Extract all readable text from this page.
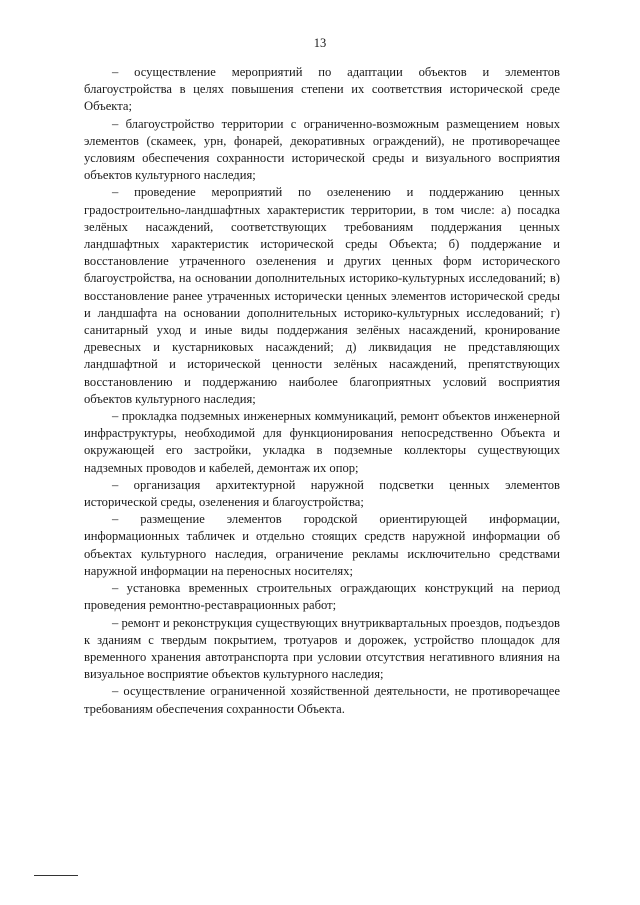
13

– осуществление мероприятий по адаптации объектов и элементов благоустройства в целях повышения степени их соответствия исторической среде Объекта;

– благоустройство территории с ограниченно-возможным размещением новых элементов (скамеек, урн, фонарей, декоративных ограждений), не противоречащее условиям обеспечения сохранности исторической среды и визуального восприятия объектов культурного наследия;

– проведение мероприятий по озеленению и поддержанию ценных градостроительно-ландшафтных характеристик территории, в том числе: а) посадка зелёных насаждений, соответствующих требованиям поддержания ценных ландшафтных характеристик исторической среды Объекта; б) поддержание и восстановление утраченного озеленения и других ценных форм исторического благоустройства, на основании дополнительных историко-культурных исследований; в) восстановление ранее утраченных исторически ценных элементов исторической среды и ландшафта на основании дополнительных историко-культурных исследований; г) санитарный уход и иные виды поддержания зелёных насаждений, кронирование древесных и кустарниковых насаждений; д) ликвидация не представляющих ландшафтной и исторической ценности зелёных насаждений, препятствующих восстановлению и поддержанию наиболее благоприятных условий восприятия объектов культурного наследия;

– прокладка подземных инженерных коммуникаций, ремонт объектов инженерной инфраструктуры, необходимой для функционирования непосредственно Объекта и окружающей его застройки, укладка в подземные коллекторы существующих надземных проводов и кабелей, демонтаж их опор;

– организация архитектурной наружной подсветки ценных элементов исторической среды, озеленения и благоустройства;

– размещение элементов городской ориентирующей информации, информационных табличек и отдельно стоящих средств наружной информации об объектах культурного наследия, ограничение рекламы исключительно средствами наружной информации на переносных носителях;

– установка временных строительных ограждающих конструкций на период проведения ремонтно-реставрационных работ;

– ремонт и реконструкция существующих внутриквартальных проездов, подъездов к зданиям с твердым покрытием, тротуаров и дорожек, устройство площадок для временного хранения автотранспорта при условии отсутствия негативного влияния на визуальное восприятие объектов культурного наследия;

– осуществление ограниченной хозяйственной деятельности, не противоречащее требованиям обеспечения сохранности Объекта.
